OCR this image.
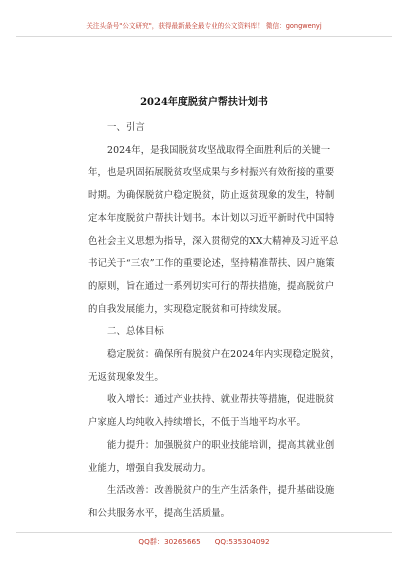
关注头条号"公文研究"，获得最新最全最专业的公文资料库！ 微信：gongwenyj
2024年度脱贫户帮扶计划书

一、引言

2024年，是我国脱贫攻坚战取得全面胜利后的关键一年，也是巩固拓展脱贫攻坚成果与乡村振兴有效衔接的重要时期。为确保脱贫户稳定脱贫，防止返贫现象的发生，特制定本年度脱贫户帮扶计划书。本计划以习近平新时代中国特色社会主义思想为指导，深入贯彻党的XX大精神及习近平总书记关于“三农”工作的重要论述，坚持精准帮扶、因户施策的原则，旨在通过一系列切实可行的帮扶措施，提高脱贫户的自我发展能力，实现稳定脱贫和可持续发展。

二、总体目标

稳定脱贫：确保所有脱贫户在2024年内实现稳定脱贫，无返贫现象发生。

收入增长：通过产业扶持、就业帮扶等措施，促进脱贫户家庭人均纯收入持续增长，不低于当地平均水平。

能力提升：加强脱贫户的职业技能培训，提高其就业创业能力，增强自我发展动力。

生活改善：改善脱贫户的生产生活条件，提升基础设施和公共服务水平，提高生活质量。

QQ群：30265665 QQ:535304092
